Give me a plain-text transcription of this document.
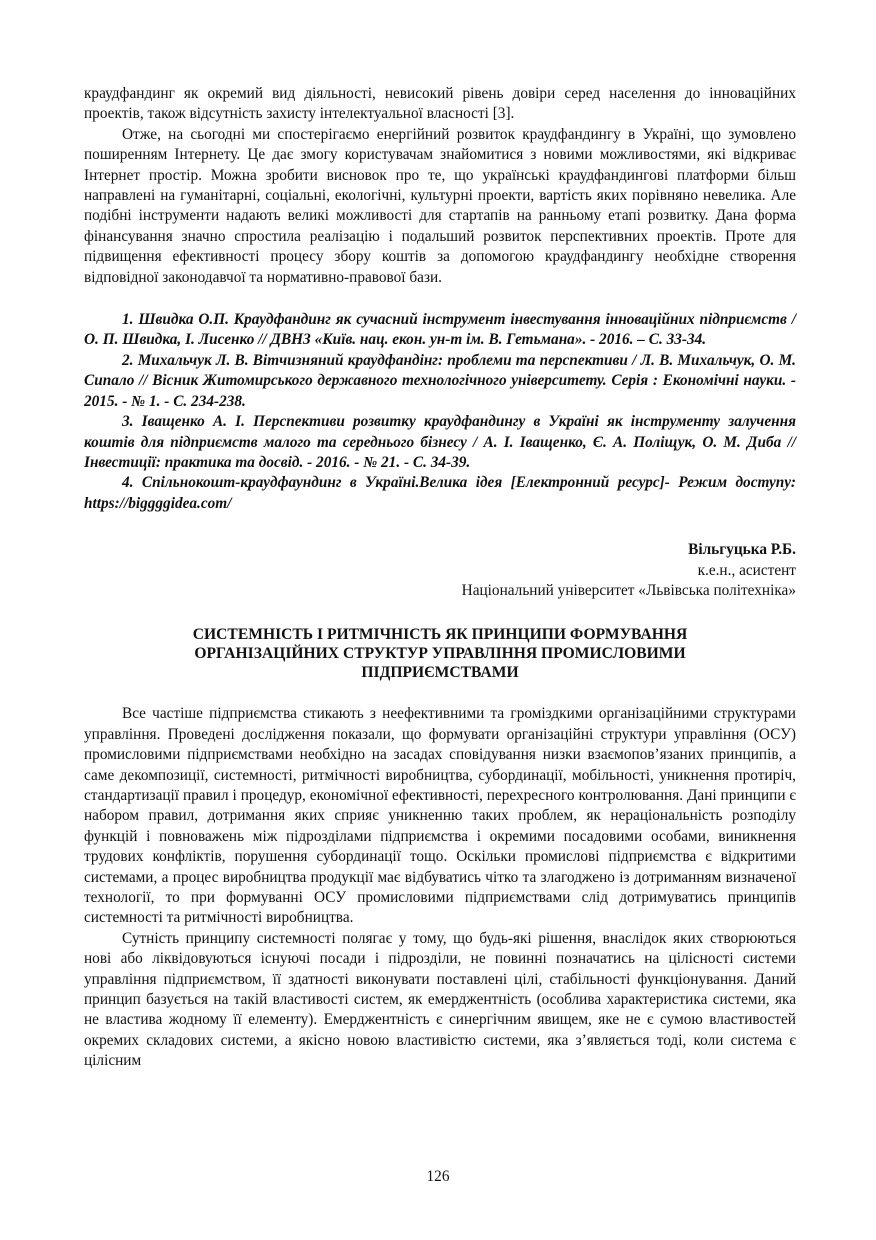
краудфандинг як окремий вид діяльності, невисокий рівень довіри серед населення до інноваційних проектів, також відсутність захисту інтелектуальної власності [3].

Отже, на сьогодні ми спостерігаємо енергійний розвиток краудфандингу в Україні, що зумовлено поширенням Інтернету. Це дає змогу користувачам знайомитися з новими можливостями, які відкриває Інтернет простір. Можна зробити висновок про те, що українські краудфандингові платформи більш направлені на гуманітарні, соціальні, екологічні, культурні проекти, вартість яких порівняно невелика. Але подібні інструменти надають великі можливості для стартапів на ранньому етапі розвитку. Дана форма фінансування значно спростила реалізацію і подальший розвиток перспективних проектів. Проте для підвищення ефективності процесу збору коштів за допомогою краудфандингу необхідне створення відповідної законодавчої та нормативно-правової бази.

1. Швидка О.П. Краудфандинг як сучасний інструмент інвестування інноваційних підприємств / О. П. Швидка, І. Лисенко // ДВНЗ «Київ. нац. екон. ун-т ім. В. Гетьмана». - 2016. – С. 33-34.

2. Михальчук Л. В. Вітчизняний краудфандінг: проблеми та перспективи / Л. В. Михальчук, О. М. Сипало // Вісник Житомирського державного технологічного університету. Серія : Економічні науки. - 2015. - № 1. - С. 234-238.

3. Іващенко А. І. Перспективи розвитку краудфандингу в Україні як інструменту залучення коштів для підприємств малого та середнього бізнесу / А. І. Іващенко, Є. А. Поліщук, О. М. Диба // Інвестиції: практика та досвід. - 2016. - № 21. - С. 34-39.

4. Спільнокошт-краудфаундинг в Україні.Велика ідея [Електронний ресурс]- Режим доступу: https://biggggidea.com/

Вільгуцька Р.Б.
к.е.н., асистент
Національний університет «Львівська політехніка»
СИСТЕМНІСТЬ І РИТМІЧНІСТЬ ЯК ПРИНЦИПИ ФОРМУВАННЯ ОРГАНІЗАЦІЙНИХ СТРУКТУР УПРАВЛІННЯ ПРОМИСЛОВИМИ ПІДПРИЄМСТВАМИ

Все частіше підприємства стикають з неефективними та громіздкими організаційними структурами управління. Проведені дослідження показали, що формувати організаційні структури управління (ОСУ) промисловими підприємствами необхідно на засадах сповідування низки взаємопов’язаних принципів, а саме декомпозиції, системності, ритмічності виробництва, субординації, мобільності, уникнення протиріч, стандартизації правил і процедур, економічної ефективності, перехресного контролювання. Дані принципи є набором правил, дотримання яких сприяє уникненню таких проблем, як нераціональність розподілу функцій і повноважень між підрозділами підприємства і окремими посадовими особами, виникнення трудових конфліктів, порушення субординації тощо. Оскільки промислові підприємства є відкритими системами, а процес виробництва продукції має відбуватись чітко та злагоджено із дотриманням визначеної технології, то при формуванні ОСУ промисловими підприємствами слід дотримуватись принципів системності та ритмічності виробництва.

Сутність принципу системності полягає у тому, що будь-які рішення, внаслідок яких створюються нові або ліквідовуються існуючі посади і підрозділи, не повинні позначатись на цілісності системи управління підприємством, її здатності виконувати поставлені цілі, стабільності функціонування. Даний принцип базується на такій властивості систем, як емерджентність (особлива характеристика системи, яка не властива жодному її елементу). Емерджентність є синергічним явищем, яке не є сумою властивостей окремих складових системи, а якісно новою властивістю системи, яка з’являється тоді, коли система є цілісним

126
